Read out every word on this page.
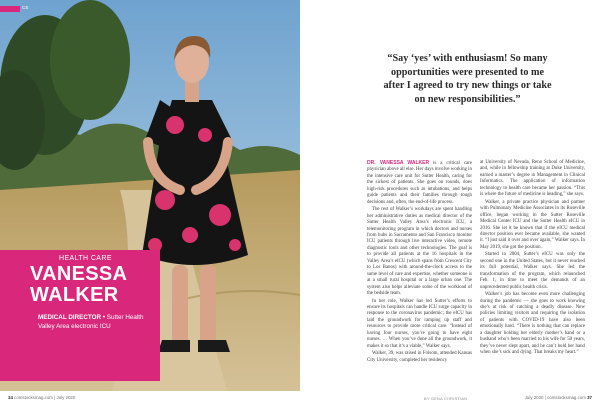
CE
HEALTH CARE
VANESSA
WALKER
MEDICAL DIRECTOR • Sutter Health Valley Area electronic ICU
34 comstocksmag.com | July 2020
“Say ‘yes’ with enthusiasm! So many opportunities were presented to me after I agreed to try new things or take on new responsibilities.”

DR. VANESSA WALKER is a critical care physician above all else. Her days involve working in the intensive care unit for Sutter Health, caring for the sickest of patients. She goes on rounds, does high-risk procedures such as intubations, and helps guide patients and their families through tough decisions and, often, the end-of-life process.

The rest of Walker’s workdays are spent handling her administrative duties as medical director of the Sutter Health Valley Area’s electronic ICU, a telemonitoring program in which doctors and nurses from hubs in Sacramento and San Francisco monitor ICU patients through live interactive video, remote diagnostic tools and other technologies. The goal is to provide all patients at the 16 hospitals in the Valley Area’s eICU (which spans from Crescent City to Los Banos) with around-the-clock access to the same level of care and expertise, whether someone is at a small rural hospital or a large urban one. The system also helps alleviate some of the workload of the bedside team.

In her role, Walker has led Sutter’s efforts to ensure its hospitals can handle ICU surge capacity in response to the coronavirus pandemic; the eICU has laid the groundwork for ramping up staff and resources to provide more critical care. “Instead of having four nurses, you’re going to have eight nurses. … When you’ve done all the groundwork, it makes it so that it’s a viable,” Walker says.

Walker, 39, was raised in Folsom, attended Kansas City University, completed her residency

at University of Nevada, Reno School of Medicine, and, while in fellowship training at Duke University, earned a master’s degree in Management in Clinical Informatics. The application of information technology to health care became her passion. “This is where the future of medicine is heading,” she says.

Walker, a private practice physician and partner with Pulmonary Medicine Associates in its Roseville office, began working in the Sutter Roseville Medical Center ICU and the Sutter Health eICU in 2016. She let it be known that if the eICU medical director position ever became available, she wanted it. “I just said it over and over again,” Walker says. In May 2019, she got the position.

Started in 2004, Sutter’s eICU was only the second one in the United States, but it never reached its full potential, Walker says. She led the transformation of the program, which relaunched Feb. 1, in time to meet the demands of an unprecedented public health crisis.

Walker’s job has become even more challenging during the pandemic — she goes to work knowing she’s at risk of catching a deadly disease. New policies limiting visitors and requiring the isolation of patients with COVID-19 have also been emotionally hard. “There is nothing that can replace a daughter holding her elderly mother’s hand or a husband who’s been married to his wife for 50 years, they’ve never slept apart, and he can’t hold her hand when she’s sick and dying. That breaks my heart.”

BY GENA CHRISTIAN	July 2020 | comstocksmag.com 37
